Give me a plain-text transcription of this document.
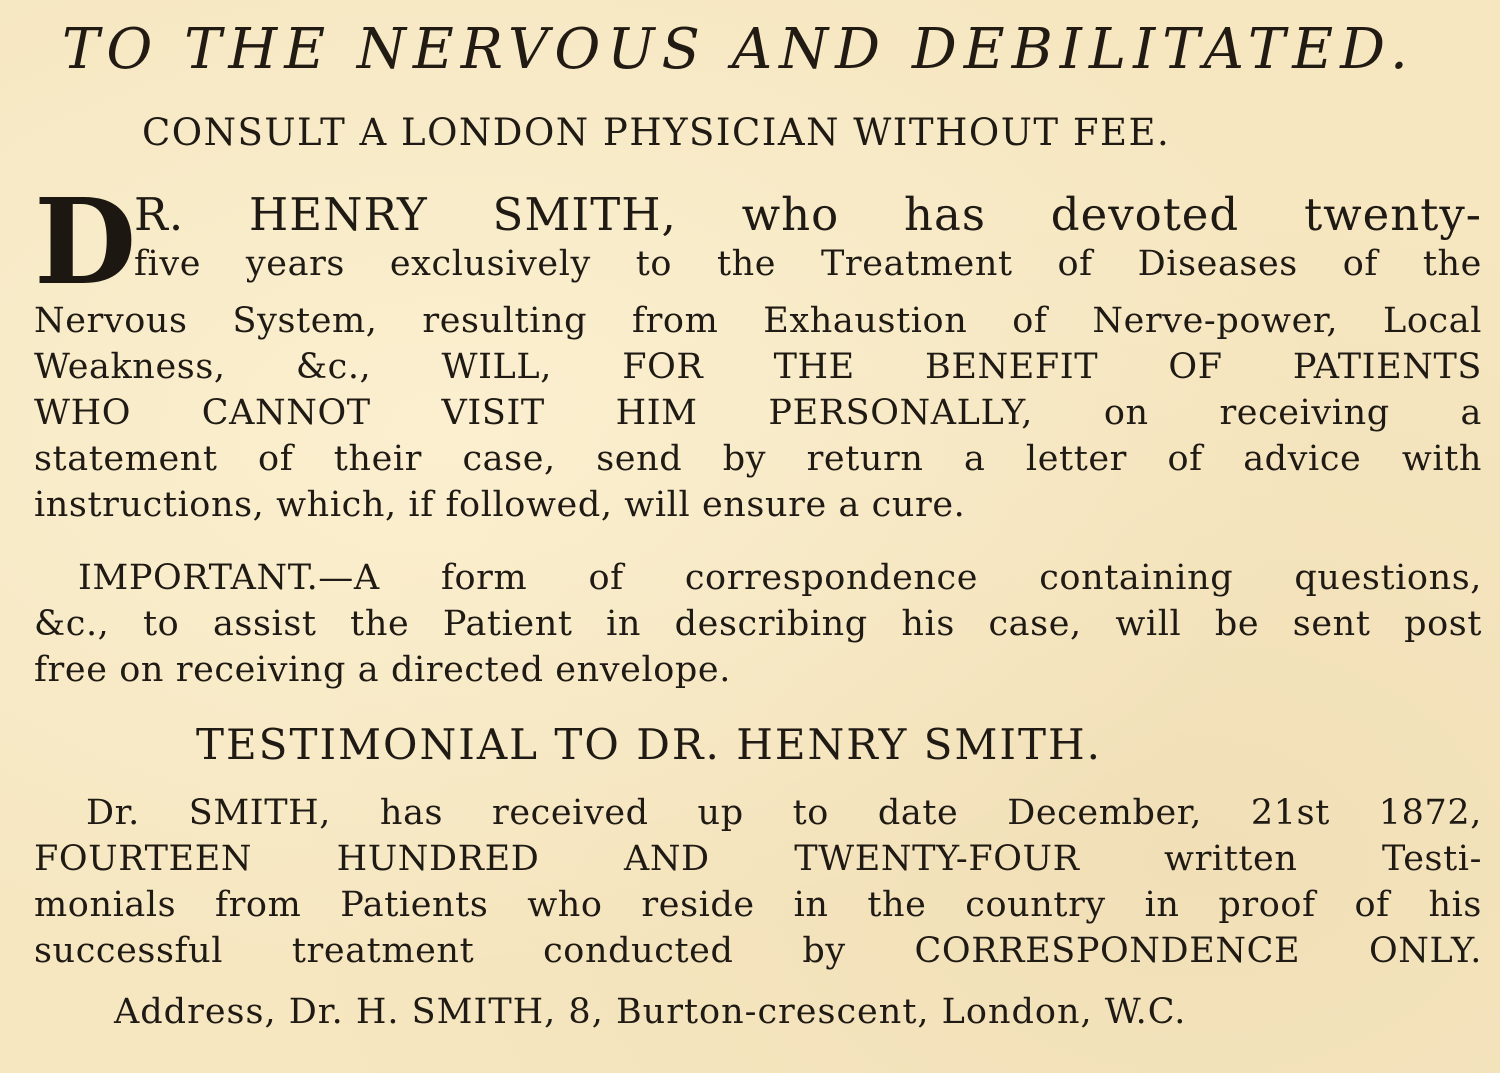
TO THE NERVOUS AND DEBILITATED.
CONSULT A LONDON PHYSICIAN WITHOUT FEE.
D
R. HENRY SMITH, who has devoted twenty-
five years exclusively to the Treatment of Diseases of the
Nervous System, resulting from Exhaustion of Nerve-power, Local
Weakness, &c., WILL, FOR THE BENEFIT OF PATIENTS
WHO CANNOT VISIT HIM PERSONALLY, on receiving a
statement of their case, send by return a letter of advice with
instructions, which, if followed, will ensure a cure.
IMPORTANT.—A form of correspondence containing questions,
&c., to assist the Patient in describing his case, will be sent post
free on receiving a directed envelope.
TESTIMONIAL TO DR. HENRY SMITH.
Dr. SMITH, has received up to date December, 21st 1872,
FOURTEEN HUNDRED AND TWENTY-FOUR written Testi-
monials from Patients who reside in the country in proof of his
successful treatment conducted by CORRESPONDENCE ONLY.

Address, Dr. H. SMITH, 8, Burton-crescent, London, W.C.
